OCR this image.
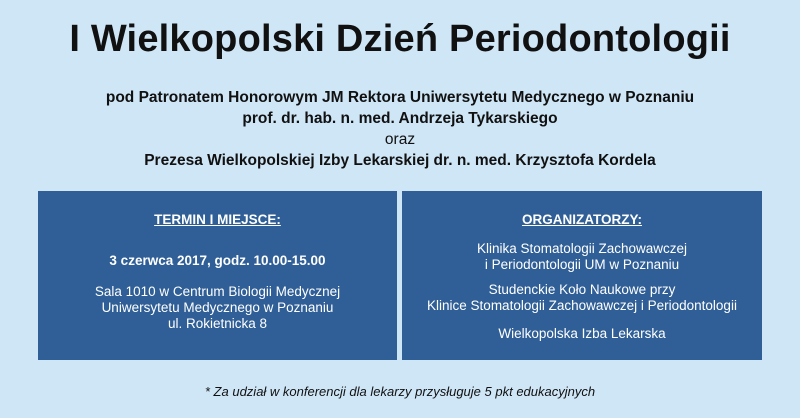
I Wielkopolski Dzień Periodontologii
pod Patronatem Honorowym JM Rektora Uniwersytetu Medycznego w Poznaniu
prof. dr. hab. n. med. Andrzeja Tykarskiego
oraz
Prezesa Wielkopolskiej Izby Lekarskiej dr. n. med. Krzysztofa Kordela
TERMIN I MIEJSCE:
3 czerwca 2017, godz. 10.00-15.00
Sala 1010 w Centrum Biologii Medycznej
Uniwersytetu Medycznego w Poznaniu
ul. Rokietnicka 8
ORGANIZATORZY:
Klinika Stomatologii Zachowawczej
i Periodontologii UM w Poznaniu
Studenckie Koło Naukowe przy
Klinice Stomatologii Zachowawczej i Periodontologii
Wielkopolska Izba Lekarska
* Za udział w konferencji dla lekarzy przysługuje 5 pkt edukacyjnych
